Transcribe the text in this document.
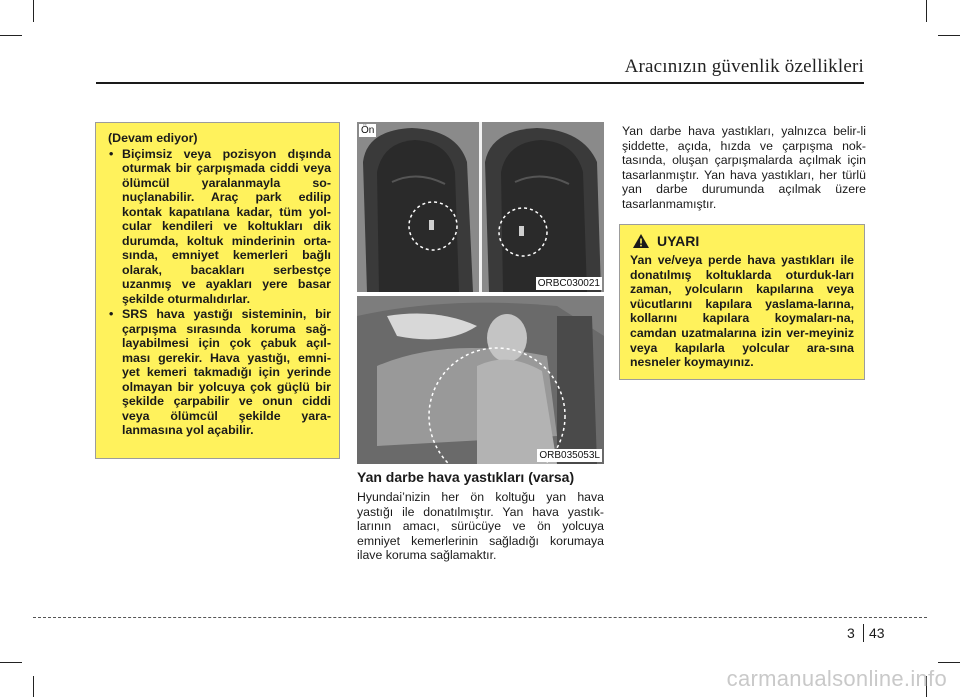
Aracınızın güvenlik özellikleri
(Devam ediyor)
• Biçimsiz veya pozisyon dışında oturmak bir çarpışmada ciddi veya ölümcül yaralanmayla so-nuçlanabilir. Araç park edilip kontak kapatılana kadar, tüm yol-cular kendileri ve koltukları dik durumda, koltuk minderinin orta-sında, emniyet kemerleri bağlı olarak, bacakları serbestçe uzanmış ve ayakları yere basar şekilde oturmalıdırlar.
• SRS hava yastığı sisteminin, bir çarpışma sırasında koruma sağ-layabilmesi için çok çabuk açıl-ması gerekir. Hava yastığı, emni-yet kemeri takmadığı için yerinde olmayan bir yolcuya çok güçlü bir şekilde çarpabilir ve onun ciddi veya ölümcül şekilde yara-lanmasına yol açabilir.
Ön
ORBC030021
ORB035053L
Yan darbe hava yastıkları (varsa)
Hyundai’nizin her ön koltuğu yan hava yastığı ile donatılmıştır. Yan hava yastık-larının amacı, sürücüye ve ön yolcuya emniyet kemerlerinin sağladığı korumaya ilave koruma sağlamaktır.
Yan darbe hava yastıkları, yalnızca belir-li şiddette, açıda, hızda ve çarpışma nok-tasında, oluşan çarpışmalarda açılmak için tasarlanmıştır. Yan hava yastıkları, her türlü yan darbe durumunda açılmak üzere tasarlanmamıştır.
UYARI
Yan ve/veya perde hava yastıkları ile donatılmış koltuklarda oturduk-ları zaman, yolcuların kapılarına veya vücutlarını kapılara yaslama-larına, kollarını kapılara koymaları-na, camdan uzatmalarına izin ver-meyiniz veya kapılarla yolcular ara-sına nesneler koymayınız.
3 43
carmanualsonline.info
